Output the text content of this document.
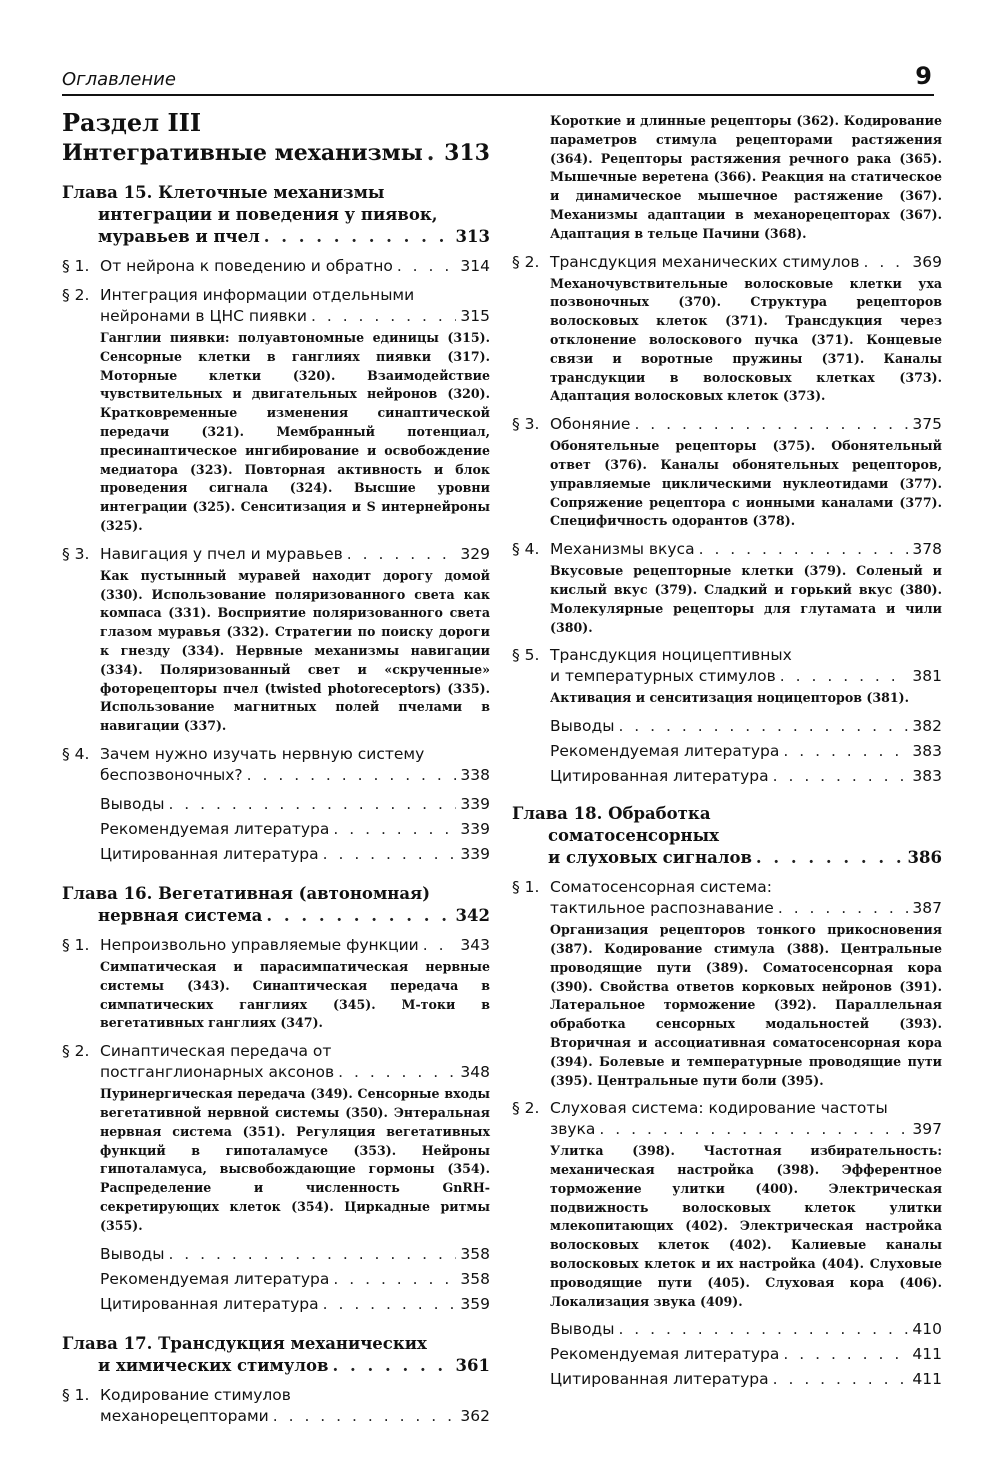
Оглавление	9
Раздел III
Интегративные механизмы . . . 313
Глава 15. Клеточные механизмы
интеграции и поведения у пиявок,
муравьев и пчел . . .	313
§ 1. От нейрона к поведению и обратно . . .	314
§ 2. Интеграция информации отдельными
нейронами в ЦНС пиявки . . .	315
Ганглии пиявки: полуавтономные единицы (315). Сенсорные клетки в ганглиях пиявки (317). Моторные клетки (320). Взаимодействие чувствительных и двигательных нейронов (320). Кратковременные изменения синаптической передачи (321). Мембранный потенциал, пресинаптическое ингибирование и освобождение медиатора (323). Повторная активность и блок проведения сигнала (324). Высшие уровни интеграции (325). Сенситизация и S интернейроны (325).
§ 3. Навигация у пчел и муравьев . . .	329
Как пустынный муравей находит дорогу домой (330). Использование поляризованного света как компаса (331). Восприятие поляризованного света глазом муравья (332). Стратегии по поиску дороги к гнезду (334). Нервные механизмы навигации (334). Поляризованный свет и «скрученные» фоторецепторы пчел (twisted photoreceptors) (335). Использование магнитных полей пчелами в навигации (337).
§ 4. Зачем нужно изучать нервную систему
беспозвоночных? . . .	338
Выводы . . .	339
Рекомендуемая литература . . .	339
Цитированная литература . . .	339
Глава 16. Вегетативная (автономная)
нервная система . . .	342
§ 1. Непроизвольно управляемые функции . . .	343
Симпатическая и парасимпатическая нервные системы (343). Синаптическая передача в симпатических ганглиях (345). М-токи в вегетативных ганглиях (347).
§ 2. Синаптическая передача от
постганглионарных аксонов . . .	348
Пуринергическая передача (349). Сенсорные входы вегетативной нервной системы (350). Энтеральная нервная система (351). Регуляция вегетативных функций в гипоталамусе (353). Нейроны гипоталамуса, высвобождающие гормоны (354). Распределение и численность GnRH-секретирующих клеток (354). Циркадные ритмы (355).
Выводы . . .	358
Рекомендуемая литература . . .	358
Цитированная литература . . .	359
Глава 17. Трансдукция механических
и химических стимулов . . .	361
§ 1. Кодирование стимулов
механорецепторами . . .	362
Короткие и длинные рецепторы (362). Кодирование параметров стимула рецепторами растяжения (364). Рецепторы растяжения речного рака (365). Мышечные веретена (366). Реакция на статическое и динамическое мышечное растяжение (367). Механизмы адаптации в механорецепторах (367). Адаптация в тельце Пачини (368).
§ 2. Трансдукция механических стимулов . . .	369
Механочувствительные волосковые клетки уха позвоночных (370). Структура рецепторов волосковых клеток (371). Трансдукция через отклонение волоскового пучка (371). Концевые связи и воротные пружины (371). Каналы трансдукции в волосковых клетках (373). Адаптация волосковых клеток (373).
§ 3. Обоняние . . .	375
Обонятельные рецепторы (375). Обонятельный ответ (376). Каналы обонятельных рецепторов, управляемые циклическими нуклеотидами (377). Сопряжение рецептора с ионными каналами (377). Специфичность одорантов (378).
§ 4. Механизмы вкуса . . .	378
Вкусовые рецепторные клетки (379). Соленый и кислый вкус (379). Сладкий и горький вкус (380). Молекулярные рецепторы для глутамата и чили (380).
§ 5. Трансдукция ноцицептивных
и температурных стимулов . . .	381
Активация и сенситизация ноцицепторов (381).
Выводы . . .	382
Рекомендуемая литература . . .	383
Цитированная литература . . .	383
Глава 18. Обработка
соматосенсорных
и слуховых сигналов . . .	386
§ 1. Соматосенсорная система:
тактильное распознавание . . .	387
Организация рецепторов тонкого прикосновения (387). Кодирование стимула (388). Центральные проводящие пути (389). Соматосенсорная кора (390). Свойства ответов корковых нейронов (391). Латеральное торможение (392). Параллельная обработка сенсорных модальностей (393). Вторичная и ассоциативная соматосенсорная кора (394). Болевые и температурные проводящие пути (395). Центральные пути боли (395).
§ 2. Слуховая система: кодирование частоты
звука . . .	397
Улитка (398). Частотная избирательность: механическая настройка (398). Эфферентное торможение улитки (400). Электрическая подвижность волосковых клеток улитки млекопитающих (402). Электрическая настройка волосковых клеток (402). Калиевые каналы волосковых клеток и их настройка (404). Слуховые проводящие пути (405). Слуховая кора (406). Локализация звука (409).
Выводы . . .	410
Рекомендуемая литература . . .	411
Цитированная литература . . .	411
